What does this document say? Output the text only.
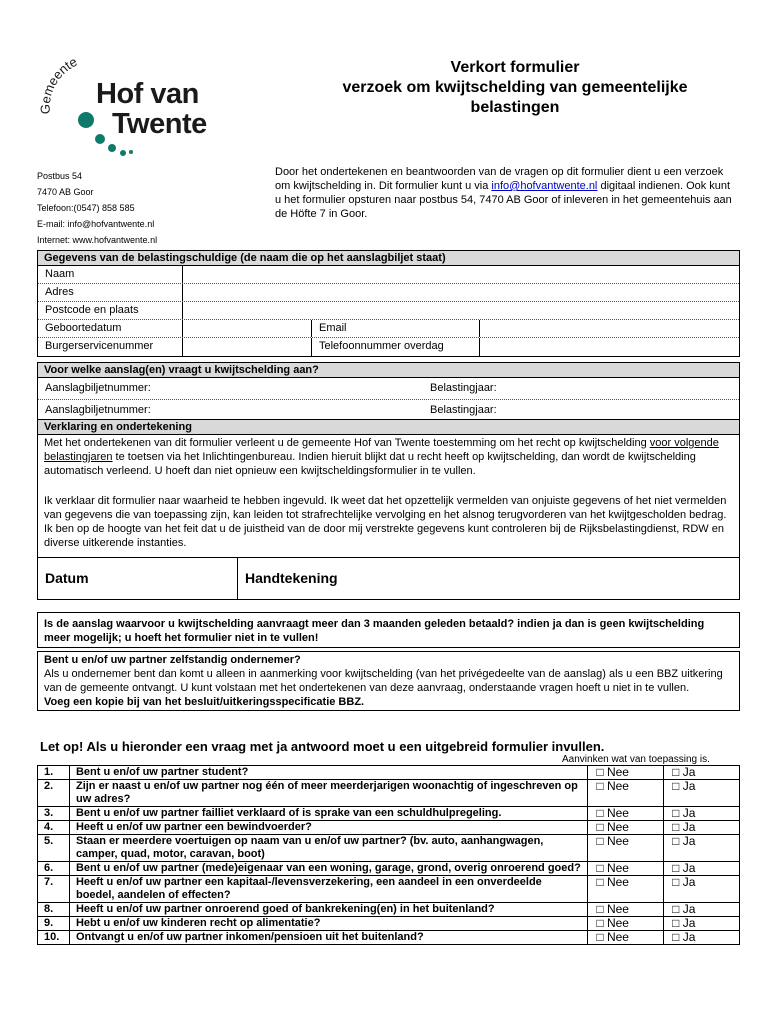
Gemeente
Hof van
Twente
Verkort formulier
verzoek om kwijtschelding van gemeentelijke
belastingen
Postbus 54
7470 AB Goor
Telefoon:(0547) 858 585
E-mail: info@hofvantwente.nl
Internet: www.hofvantwente.nl
Door het ondertekenen en beantwoorden van de vragen op dit formulier dient u een verzoek om kwijtschelding in. Dit formulier kunt u via info@hofvantwente.nl digitaal indienen. Ook kunt u het formulier opsturen naar postbus 54, 7470 AB Goor of inleveren in het gemeentehuis aan de Höfte 7 in Goor.
Gegevens van de belastingschuldige (de naam die op het aanslagbiljet staat)
Naam
Adres
Postcode en plaats
Geboortedatum	Email
Burgerservicenummer	Telefoonnummer overdag
Voor welke aanslag(en) vraagt u kwijtschelding aan?
Aanslagbiljetnummer:	Belastingjaar:
Aanslagbiljetnummer:	Belastingjaar:
Verklaring en ondertekening
Met het ondertekenen van dit formulier verleent u de gemeente Hof van Twente toestemming om het recht op kwijtschelding voor volgende belastingjaren te toetsen via het Inlichtingenbureau. Indien hieruit blijkt dat u recht heeft op kwijtschelding, dan wordt de kwijtschelding automatisch verleend. U hoeft dan niet opnieuw een kwijtscheldingsformulier in te vullen.
Ik verklaar dit formulier naar waarheid te hebben ingevuld. Ik weet dat het opzettelijk vermelden van onjuiste gegevens of het niet vermelden van gegevens die van toepassing zijn, kan leiden tot strafrechtelijke vervolging en het alsnog terugvorderen van het kwijtgescholden bedrag. Ik ben op de hoogte van het feit dat u de juistheid van de door mij verstrekte gegevens kunt controleren bij de Rijksbelastingdienst, RDW en diverse uitkerende instanties.
Datum	Handtekening
Is de aanslag waarvoor u kwijtschelding aanvraagt meer dan 3 maanden geleden betaald? indien ja dan is geen kwijtschelding meer mogelijk; u hoeft het formulier niet in te vullen!
Bent u en/of uw partner zelfstandig ondernemer?
Als u ondernemer bent dan komt u alleen in aanmerking voor kwijtschelding (van het privégedeelte van de aanslag) als u een BBZ uitkering van de gemeente ontvangt. U kunt volstaan met het ondertekenen van deze aanvraag, onderstaande vragen hoeft u niet in te vullen.
Voeg een kopie bij van het besluit/uitkeringsspecificatie BBZ.
Let op! Als u hieronder een vraag met ja antwoord moet u een uitgebreid formulier invullen.
Aanvinken wat van toepassing is.
1.	Bent u en/of uw partner student?	□ Nee	□ Ja
2.	Zijn er naast u en/of uw partner nog één of meer meerderjarigen woonachtig of ingeschreven op uw adres?	□ Nee	□ Ja
3.	Bent u en/of uw partner failliet verklaard of is sprake van een schuldhulpregeling.	□ Nee	□ Ja
4.	Heeft u en/of uw partner een bewindvoerder?	□ Nee	□ Ja
5.	Staan er meerdere voertuigen op naam van u en/of uw partner? (bv. auto, aanhangwagen, camper, quad, motor, caravan, boot)	□ Nee	□ Ja
6.	Bent u en/of uw partner (mede)eigenaar van een woning, garage, grond, overig onroerend goed?	□ Nee	□ Ja
7.	Heeft u en/of uw partner een kapitaal-/levensverzekering, een aandeel in een onverdeelde boedel, aandelen of effecten?	□ Nee	□ Ja
8.	Heeft u en/of uw partner onroerend goed of bankrekening(en) in het buitenland?	□ Nee	□ Ja
9.	Hebt u en/of uw kinderen recht op alimentatie?	□ Nee	□ Ja
10.	Ontvangt u en/of uw partner inkomen/pensioen uit het buitenland?	□ Nee	□ Ja
